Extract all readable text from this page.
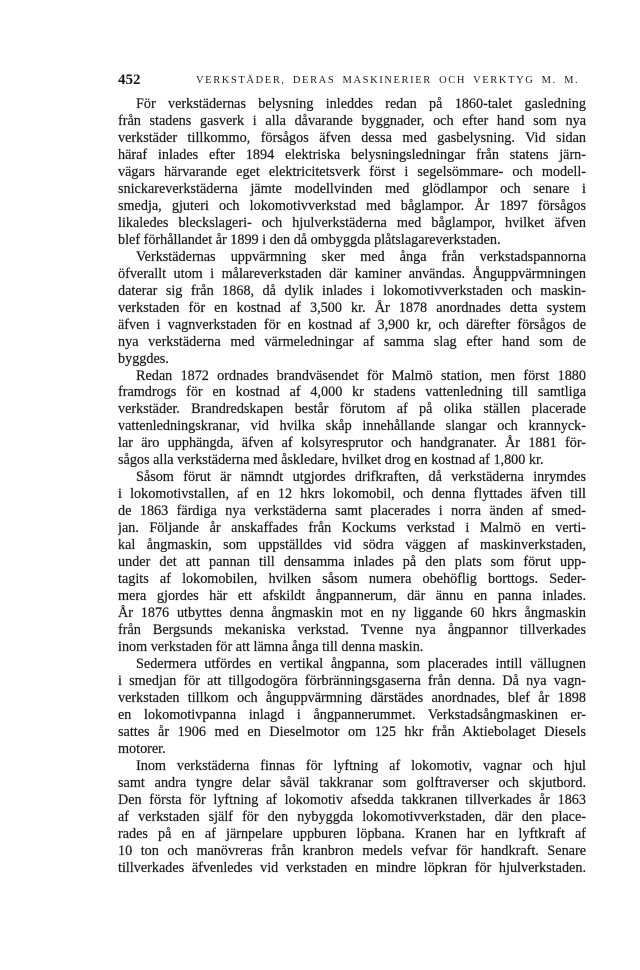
452	VERKSTÄDER, DERAS MASKINERIER OCH VERKTYG M. M.
För verkstädernas belysning inleddes redan på 1860-talet gasledning
från stadens gasverk i alla dåvarande byggnader, och efter hand som nya
verkstäder tillkommo, försågos äfven dessa med gasbelysning. Vid sidan
häraf inlades efter 1894 elektriska belysningsledningar från statens järn-
vägars härvarande eget elektricitetsverk först i segelsömmare- och modell-
snickareverkstäderna jämte modellvinden med glödlampor och senare i
smedja, gjuteri och lokomotivverkstad med båglampor. År 1897 försågos
likaledes bleckslageri- och hjulverkstäderna med båglampor, hvilket äfven
blef förhållandet år 1899 i den då ombyggda plåtslagareverkstaden.
Verkstädernas uppvärmning sker med ånga från verkstadspannorna
öfverallt utom i målareverkstaden där kaminer användas. Ånguppvärmningen
daterar sig från 1868, då dylik inlades i lokomotivverkstaden och maskin-
verkstaden för en kostnad af 3,500 kr. År 1878 anordnades detta system
äfven i vagnverkstaden för en kostnad af 3,900 kr, och därefter försågos de
nya verkstäderna med värmeledningar af samma slag efter hand som de
byggdes.
Redan 1872 ordnades brandväsendet för Malmö station, men först 1880
framdrogs för en kostnad af 4,000 kr stadens vattenledning till samtliga
verkstäder. Brandredskapen består förutom af på olika ställen placerade
vattenledningskranar, vid hvilka skåp innehållande slangar och krannyck-
lar äro upphängda, äfven af kolsyresprutor och handgranater. År 1881 för-
sågos alla verkstäderna med åskledare, hvilket drog en kostnad af 1,800 kr.
Såsom förut är nämndt utgjordes drifkraften, då verkstäderna inrymdes
i lokomotivstallen, af en 12 hkrs lokomobil, och denna flyttades äfven till
de 1863 färdiga nya verkstäderna samt placerades i norra änden af smed-
jan. Följande år anskaffades från Kockums verkstad i Malmö en verti-
kal ångmaskin, som uppställdes vid södra väggen af maskinverkstaden,
under det att pannan till densamma inlades på den plats som förut upp-
tagits af lokomobilen, hvilken såsom numera obehöflig borttogs. Seder-
mera gjordes här ett afskildt ångpannerum, där ännu en panna inlades.
År 1876 utbyttes denna ångmaskin mot en ny liggande 60 hkrs ångmaskin
från Bergsunds mekaniska verkstad. Tvenne nya ångpannor tillverkades
inom verkstaden för att lämna ånga till denna maskin.
Sedermera utfördes en vertikal ångpanna, som placerades intill vällugnen
i smedjan för att tillgodogöra förbränningsgaserna från denna. Då nya vagn-
verkstaden tillkom och ånguppvärmning därstädes anordnades, blef år 1898
en lokomotivpanna inlagd i ångpannerummet. Verkstadsångmaskinen er-
sattes år 1906 med en Dieselmotor om 125 hkr från Aktiebolaget Diesels
motorer.
Inom verkstäderna finnas för lyftning af lokomotiv, vagnar och hjul
samt andra tyngre delar såväl takkranar som golftraverser och skjutbord.
Den första för lyftning af lokomotiv afsedda takkranen tillverkades år 1863
af verkstaden själf för den nybyggda lokomotivverkstaden, där den place-
rades på en af järnpelare uppburen löpbana. Kranen har en lyftkraft af
10 ton och manövreras från kranbron medels vefvar för handkraft. Senare
tillverkades äfvenledes vid verkstaden en mindre löpkran för hjulverkstaden.
